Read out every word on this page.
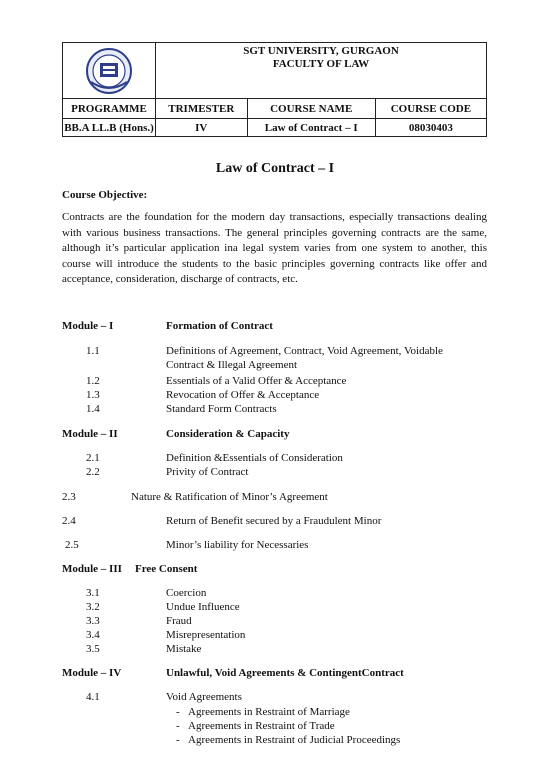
SGT UNIVERSITY, GURGAON
FACULTY OF LAW		

PROGRAMME	TRIMESTER	COURSE NAME	COURSE CODE
BB.A LL.B (Hons.)	IV	Law of Contract – I	08030403
Law of Contract – I
Course Objective:
Contracts are the foundation for the modern day transactions, especially transactions dealing with various business transactions. The general principles governing contracts are the same, although it’s particular application ina legal system varies from one system to another, this course will introduce the students to the basic principles governing contracts like offer and acceptance, consideration, discharge of contracts, etc.
Module – I	Formation of Contract
1.1	Definitions of Agreement, Contract, Void Agreement, Voidable Contract & Illegal Agreement
1.2	Essentials of a Valid Offer & Acceptance
1.3	Revocation of Offer & Acceptance
1.4	Standard Form Contracts
Module – II	Consideration & Capacity
2.1	Definition &Essentials of Consideration
2.2	Privity of Contract
2.3	Nature & Ratification of Minor’s Agreement
2.4	Return of Benefit secured by a Fraudulent Minor
2.5	Minor’s liability for Necessaries
Module – III Free Consent
3.1	Coercion
3.2	Undue Influence
3.3	Fraud
3.4	Misrepresentation
3.5	Mistake
Module – IV	Unlawful, Void Agreements & ContingentContract
4.1	Void Agreements
- Agreements in Restraint of Marriage
- Agreements in Restraint of Trade
- Agreements in Restraint of Judicial Proceedings
